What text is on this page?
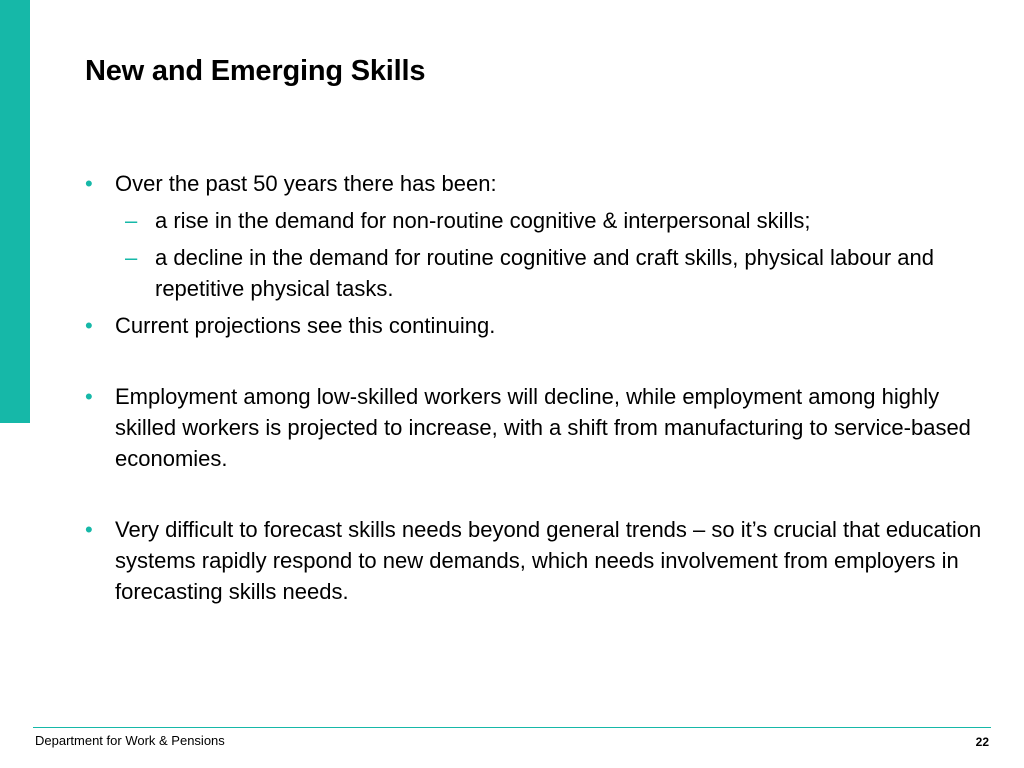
New and Emerging Skills
• Over the past 50 years there has been:
– a rise in the demand for non-routine cognitive & interpersonal skills;
– a decline in the demand for routine cognitive and craft skills, physical labour and repetitive physical tasks.
• Current projections see this continuing.
• Employment among low-skilled workers will decline, while employment among highly skilled workers is projected to increase, with a shift from manufacturing to service-based economies.
• Very difficult to forecast skills needs beyond general trends – so it’s crucial that education systems rapidly respond to new demands, which needs involvement from employers in forecasting skills needs.
Department for Work & Pensions	22
